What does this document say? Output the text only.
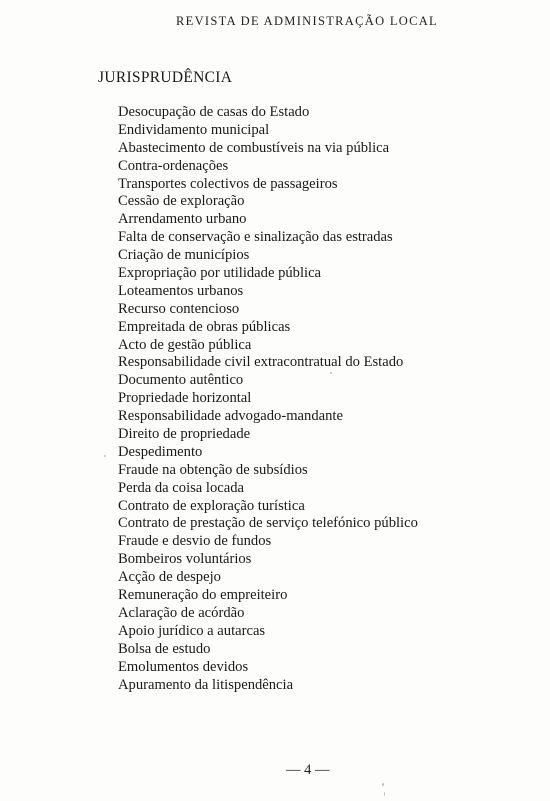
REVISTA DE ADMINISTRAÇÃO LOCAL
JURISPRUDÊNCIA
Desocupação de casas do Estado
Endividamento municipal
Abastecimento de combustíveis na via pública
Contra-ordenações
Transportes colectivos de passageiros
Cessão de exploração
Arrendamento urbano
Falta de conservação e sinalização das estradas
Criação de municípios
Expropriação por utilidade pública
Loteamentos urbanos
Recurso contencioso
Empreitada de obras públicas
Acto de gestão pública
Responsabilidade civil extracontratual do Estado
Documento autêntico
Propriedade horizontal
Responsabilidade advogado-mandante
Direito de propriedade
Despedimento
Fraude na obtenção de subsídios
Perda da coisa locada
Contrato de exploração turística
Contrato de prestação de serviço telefónico público
Fraude e desvio de fundos
Bombeiros voluntários
Acção de despejo
Remuneração do empreiteiro
Aclaração de acórdão
Apoio jurídico a autarcas
Bolsa de estudo
Emolumentos devidos
Apuramento da litispendência
— 4 —
